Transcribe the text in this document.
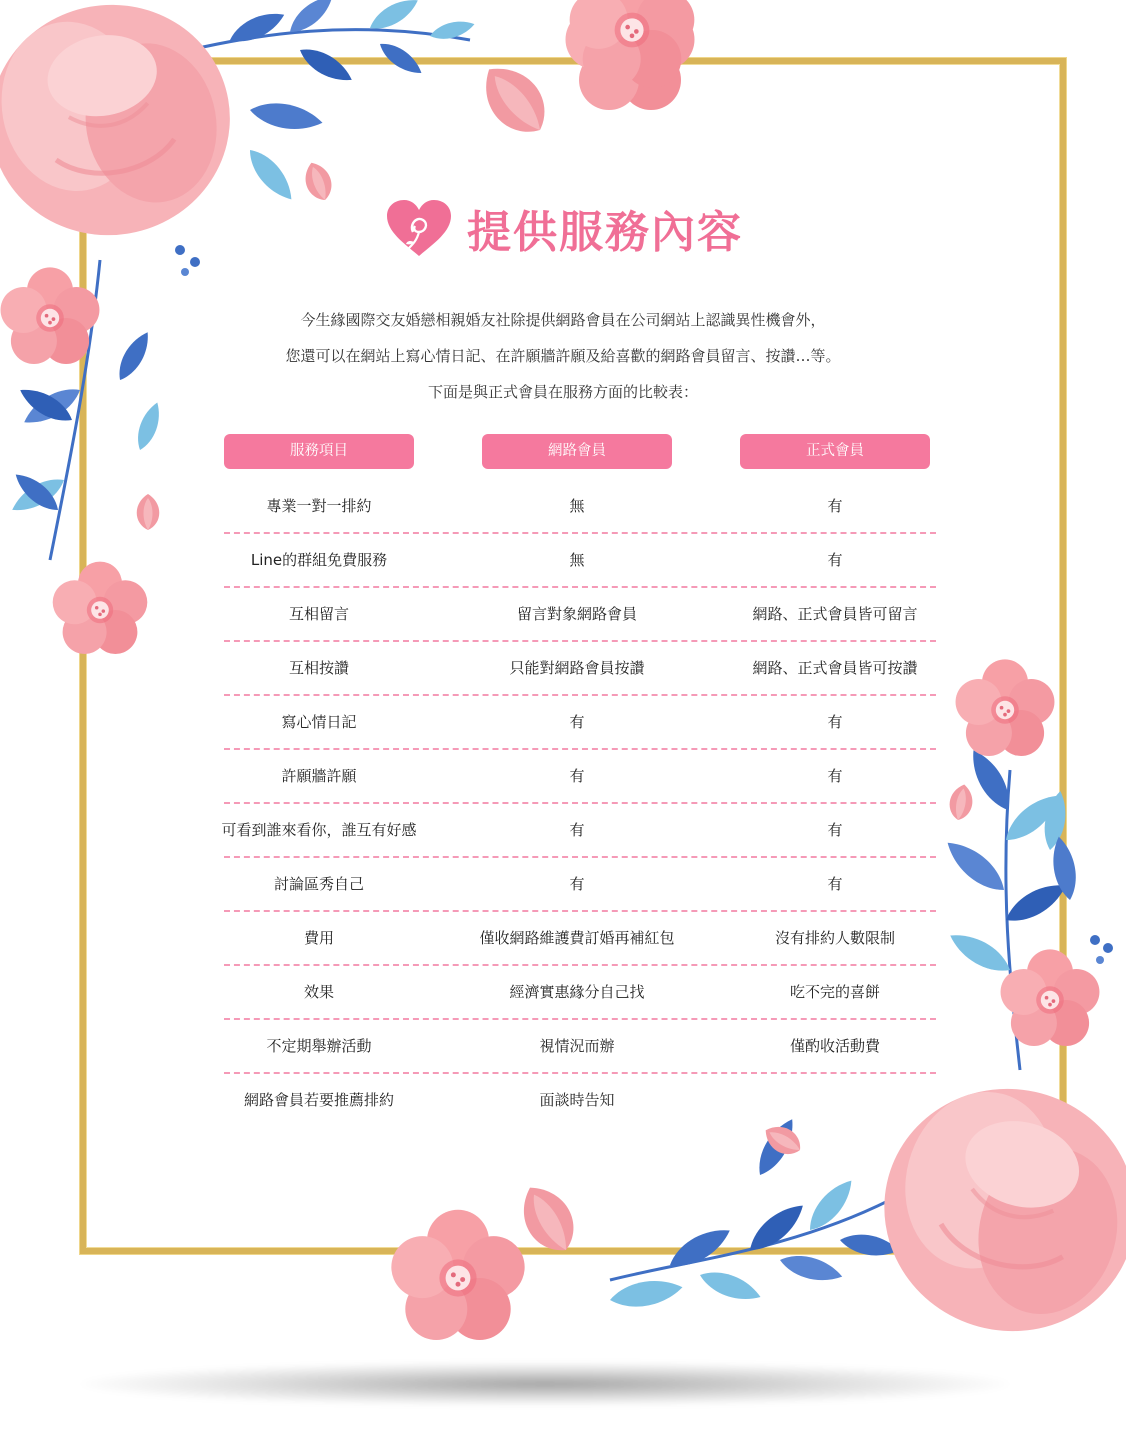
提供服務內容
今生緣國際交友婚戀相親婚友社除提供網路會員在公司網站上認識異性機會外，
您還可以在網站上寫心情日記、在許願牆許願及給喜歡的網路會員留言、按讚…等。
下面是與正式會員在服務方面的比較表：
服務項目	網路會員	正式會員
專業一對一排約	無	有
Line的群組免費服務	無	有
互相留言	留言對象網路會員	網路、正式會員皆可留言
互相按讚	只能對網路會員按讚	網路、正式會員皆可按讚
寫心情日記	有	有
許願牆許願	有	有
可看到誰來看你，誰互有好感	有	有
討論區秀自己	有	有
費用	僅收網路維護費訂婚再補紅包	沒有排約人數限制
效果	經濟實惠緣分自己找	吃不完的喜餅
不定期舉辦活動	視情況而辦	僅酌收活動費
網路會員若要推薦排約	面談時告知
